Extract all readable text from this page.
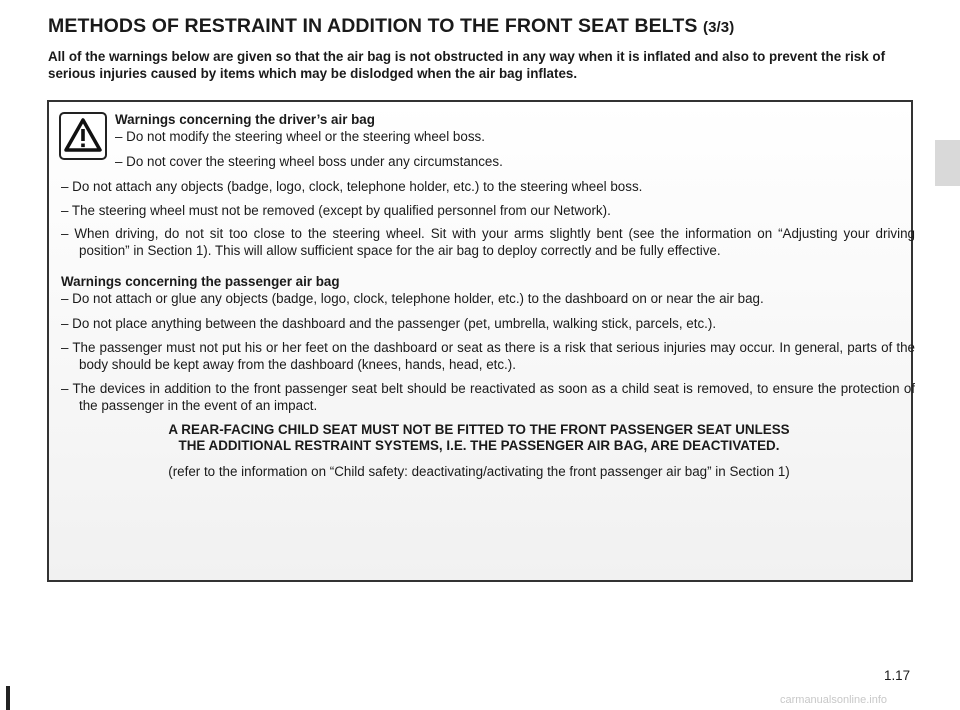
METHODS OF RESTRAINT IN ADDITION TO THE FRONT SEAT BELTS (3/3)

All of the warnings below are given so that the air bag is not obstructed in any way when it is inflated and also to prevent the risk of serious injuries caused by items which may be dislodged when the air bag inflates.

Warnings concerning the driver’s air bag

– Do not modify the steering wheel or the steering wheel boss.

– Do not cover the steering wheel boss under any circumstances.

– Do not attach any objects (badge, logo, clock, telephone holder, etc.) to the steering wheel boss.

– The steering wheel must not be removed (except by qualified personnel from our Network).

– When driving, do not sit too close to the steering wheel. Sit with your arms slightly bent (see the information on “Adjusting your driving position” in Section 1). This will allow sufficient space for the air bag to deploy correctly and be fully effective.

Warnings concerning the passenger air bag

– Do not attach or glue any objects (badge, logo, clock, telephone holder, etc.) to the dashboard on or near the air bag.

– Do not place anything between the dashboard and the passenger (pet, umbrella, walking stick, parcels, etc.).

– The passenger must not put his or her feet on the dashboard or seat as there is a risk that serious injuries may occur. In general, parts of the body should be kept away from the dashboard (knees, hands, head, etc.).

– The devices in addition to the front passenger seat belt should be reactivated as soon as a child seat is removed, to ensure the protection of the passenger in the event of an impact.

A REAR-FACING CHILD SEAT MUST NOT BE FITTED TO THE FRONT PASSENGER SEAT UNLESS

THE ADDITIONAL RESTRAINT SYSTEMS, I.E. THE PASSENGER AIR BAG, ARE DEACTIVATED.

(refer to the information on “Child safety: deactivating/activating the front passenger air bag” in Section 1)

1.17
carmanualsonline.info
